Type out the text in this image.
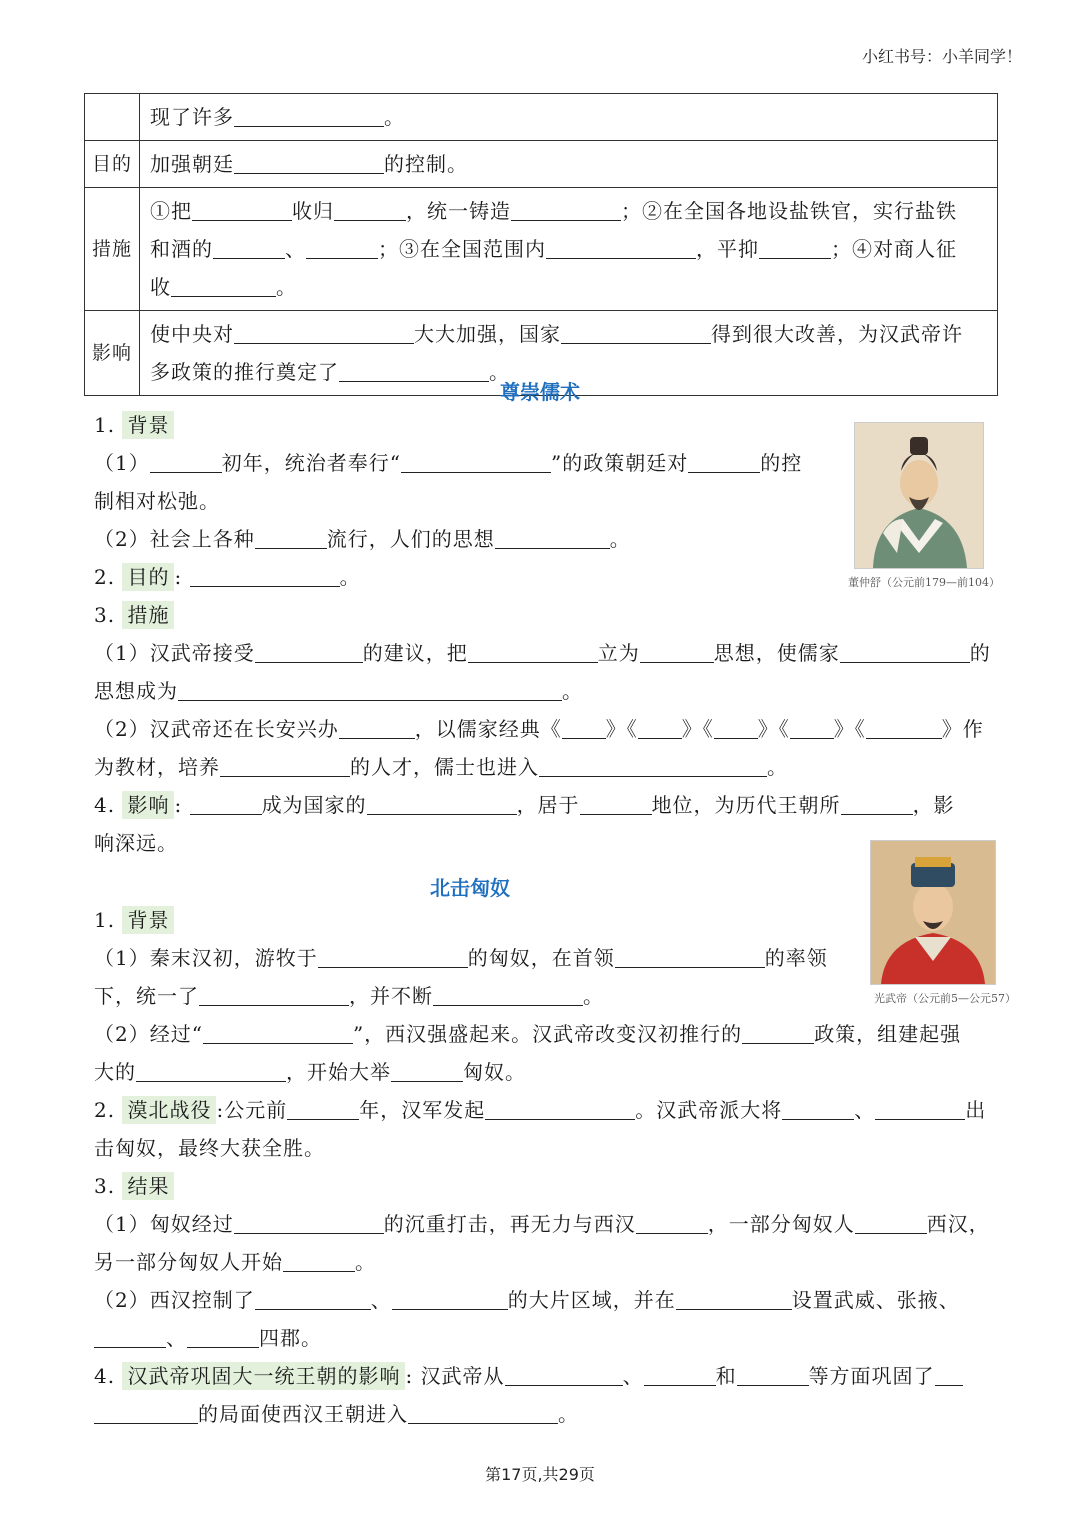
小红书号：小羊同学！
	现了许多 。
目的	加强朝廷 的控制。
措施	①把 收归 ，统一铸造 ；②在全国各地设盐铁官，实行盐铁
和酒的 、 ；③在全国范围内 ，平抑 ；④对商人征
收 。
影响	使中央对 大大加强，国家 得到很大改善，为汉武帝许
多政策的推行奠定了 。
尊崇儒术
1. 背景
（1）	初年，统治者奉行“	”的政策朝廷对	的控
制相对松弛。
（2）社会上各种	流行，人们的思想	。
2. 目的 :	。
3. 措施
（1）汉武帝接受	的建议，把	立为	思想，使儒家	的
思想成为	。
（2）汉武帝还在长安兴办	，以儒家经典《 》《 》《 》《 》《	》作
为教材，培养	的人才，儒士也进入	。
4. 影响 :	成为国家的	，居于	地位，为历代王朝所	，影
响深远。
董仲舒（公元前179—前104）
北击匈奴
1. 背景
（1）秦末汉初，游牧于	的匈奴，在首领	的率领
下，统一了	，并不断	。
（2）经过“	”，西汉强盛起来。汉武帝改变汉初推行的	政策，组建起强
大的	，开始大举	匈奴。
2. 漠北战役 :公元前	年，汉军发起	。汉武帝派大将	、	出
击匈奴，最终大获全胜。
3. 结果
（1）匈奴经过	的沉重打击，再无力与西汉	，一部分匈奴人	西汉，
另一部分匈奴人开始	。
（2）西汉控制了	、	的大片区域，并在	设置武威、张掖、
、	四郡。
4. 汉武帝巩固大一统王朝的影响 : 汉武帝从	、	和	等方面巩固了
的局面使西汉王朝进入	。
光武帝（公元前5—公元57）
第17页,共29页
